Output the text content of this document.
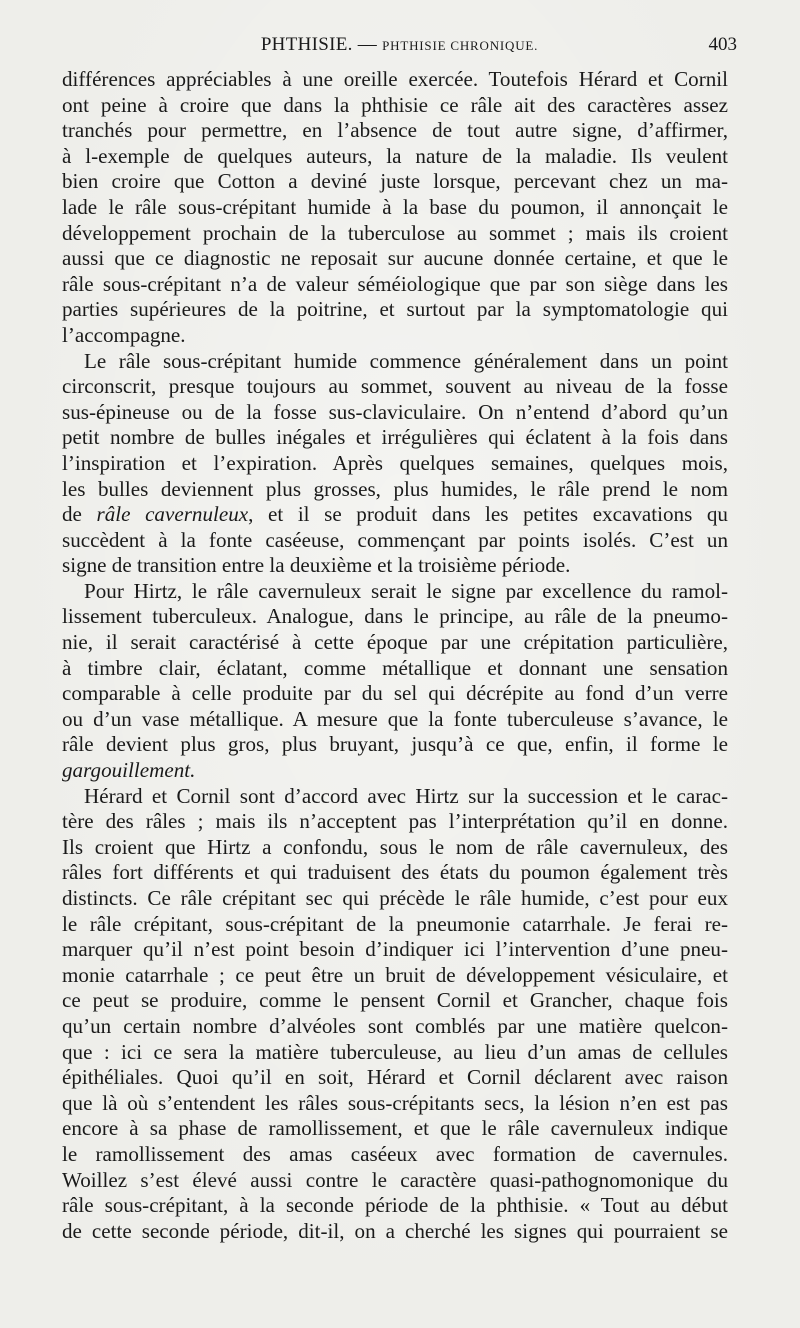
PHTHISIE. — PHTHISIE CHRONIQUE.	403
différences appréciables à une oreille exercée. Toutefois Hérard et Cornil
ont peine à croire que dans la phthisie ce râle ait des caractères assez
tranchés pour permettre, en l’absence de tout autre signe, d’affirmer,
à l-exemple de quelques auteurs, la nature de la maladie. Ils veulent
bien croire que Cotton a deviné juste lorsque, percevant chez un ma-
lade le râle sous-crépitant humide à la base du poumon, il annonçait le
développement prochain de la tuberculose au sommet ; mais ils croient
aussi que ce diagnostic ne reposait sur aucune donnée certaine, et que le
râle sous-crépitant n’a de valeur séméiologique que par son siège dans les
parties supérieures de la poitrine, et surtout par la symptomatologie qui
l’accompagne.
Le râle sous-crépitant humide commence généralement dans un point
circonscrit, presque toujours au sommet, souvent au niveau de la fosse
sus-épineuse ou de la fosse sus-claviculaire. On n’entend d’abord qu’un
petit nombre de bulles inégales et irrégulières qui éclatent à la fois dans
l’inspiration et l’expiration. Après quelques semaines, quelques mois,
les bulles deviennent plus grosses, plus humides, le râle prend le nom
de râle cavernuleux, et il se produit dans les petites excavations qu
succèdent à la fonte caséeuse, commençant par points isolés. C’est un
signe de transition entre la deuxième et la troisième période.
Pour Hirtz, le râle cavernuleux serait le signe par excellence du ramol-
lissement tuberculeux. Analogue, dans le principe, au râle de la pneumo-
nie, il serait caractérisé à cette époque par une crépitation particulière,
à timbre clair, éclatant, comme métallique et donnant une sensation
comparable à celle produite par du sel qui décrépite au fond d’un verre
ou d’un vase métallique. A mesure que la fonte tuberculeuse s’avance, le
râle devient plus gros, plus bruyant, jusqu’à ce que, enfin, il forme le
gargouillement.
Hérard et Cornil sont d’accord avec Hirtz sur la succession et le carac-
tère des râles ; mais ils n’acceptent pas l’interprétation qu’il en donne.
Ils croient que Hirtz a confondu, sous le nom de râle cavernuleux, des
râles fort différents et qui traduisent des états du poumon également très
distincts. Ce râle crépitant sec qui précède le râle humide, c’est pour eux
le râle crépitant, sous-crépitant de la pneumonie catarrhale. Je ferai re-
marquer qu’il n’est point besoin d’indiquer ici l’intervention d’une pneu-
monie catarrhale ; ce peut être un bruit de développement vésiculaire, et
ce peut se produire, comme le pensent Cornil et Grancher, chaque fois
qu’un certain nombre d’alvéoles sont comblés par une matière quelcon-
que : ici ce sera la matière tuberculeuse, au lieu d’un amas de cellules
épithéliales. Quoi qu’il en soit, Hérard et Cornil déclarent avec raison
que là où s’entendent les râles sous-crépitants secs, la lésion n’en est pas
encore à sa phase de ramollissement, et que le râle cavernuleux indique
le ramollissement des amas caséeux avec formation de cavernules.
Woillez s’est élevé aussi contre le caractère quasi-pathognomonique du
râle sous-crépitant, à la seconde période de la phthisie. « Tout au début
de cette seconde période, dit-il, on a cherché les signes qui pourraient se
